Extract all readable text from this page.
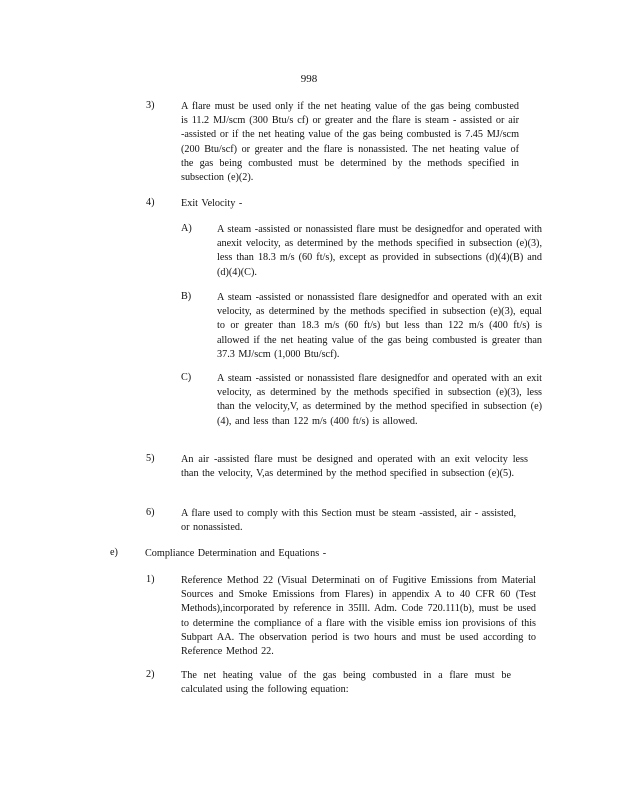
998
3)	A flare must be used only if the net heating value of the gas being combusted is 11.2 MJ/scm (300 Btu/s cf) or greater and the flare is steam - assisted or air -assisted or if the net heating value of the gas being combusted is 7.45 MJ/scm (200 Btu/scf) or greater and the flare is nonassisted. The net heating value of the gas being combusted must be determined by the methods specified in subsection (e)(2).
4)	Exit Velocity -
A) A steam -assisted or nonassisted flare must be designedfor and operated with anexit velocity, as determined by the methods specified in subsection (e)(3), less than 18.3 m/s (60 ft/s), except as provided in subsections (d)(4)(B) and (d)(4)(C).
B)	A steam -assisted or nonassisted flare designedfor and operated with an exit velocity, as determined by the methods specified in subsection (e)(3), equal to or greater than 18.3 m/s (60 ft/s) but less than 122 m/s (400 ft/s) is allowed if the net heating value of the gas being combusted is greater than 37.3 MJ/scm (1,000 Btu/scf).
C)	A steam -assisted or nonassisted flare designedfor and operated with an exit velocity, as determined by the methods specified in subsection (e)(3), less than the velocity,V, as determined by the method specified in subsection (e)(4), and less than 122 m/s (400 ft/s) is allowed.
5)	An air -assisted flare must be designed and operated with an exit velocity less than the velocity, V,as determined by the method specified in subsection (e)(5).
6)	A flare used to comply with this Section must be steam -assisted, air - assisted, or nonassisted.
e)	Compliance Determination and Equations -
1)	Reference Method 22 (Visual Determinati on of Fugitive Emissions from Material Sources and Smoke Emissions from Flares) in appendix A to 40 CFR 60 (Test Methods),incorporated by reference in 35Ill. Adm. Code 720.111(b), must be used to determine the compliance of a flare with the visible emiss ion provisions of this Subpart AA. The observation period is two hours and must be used according to Reference Method 22.
2)	The net heating value of the gas being combusted in a flare must be calculated using the following equation:
